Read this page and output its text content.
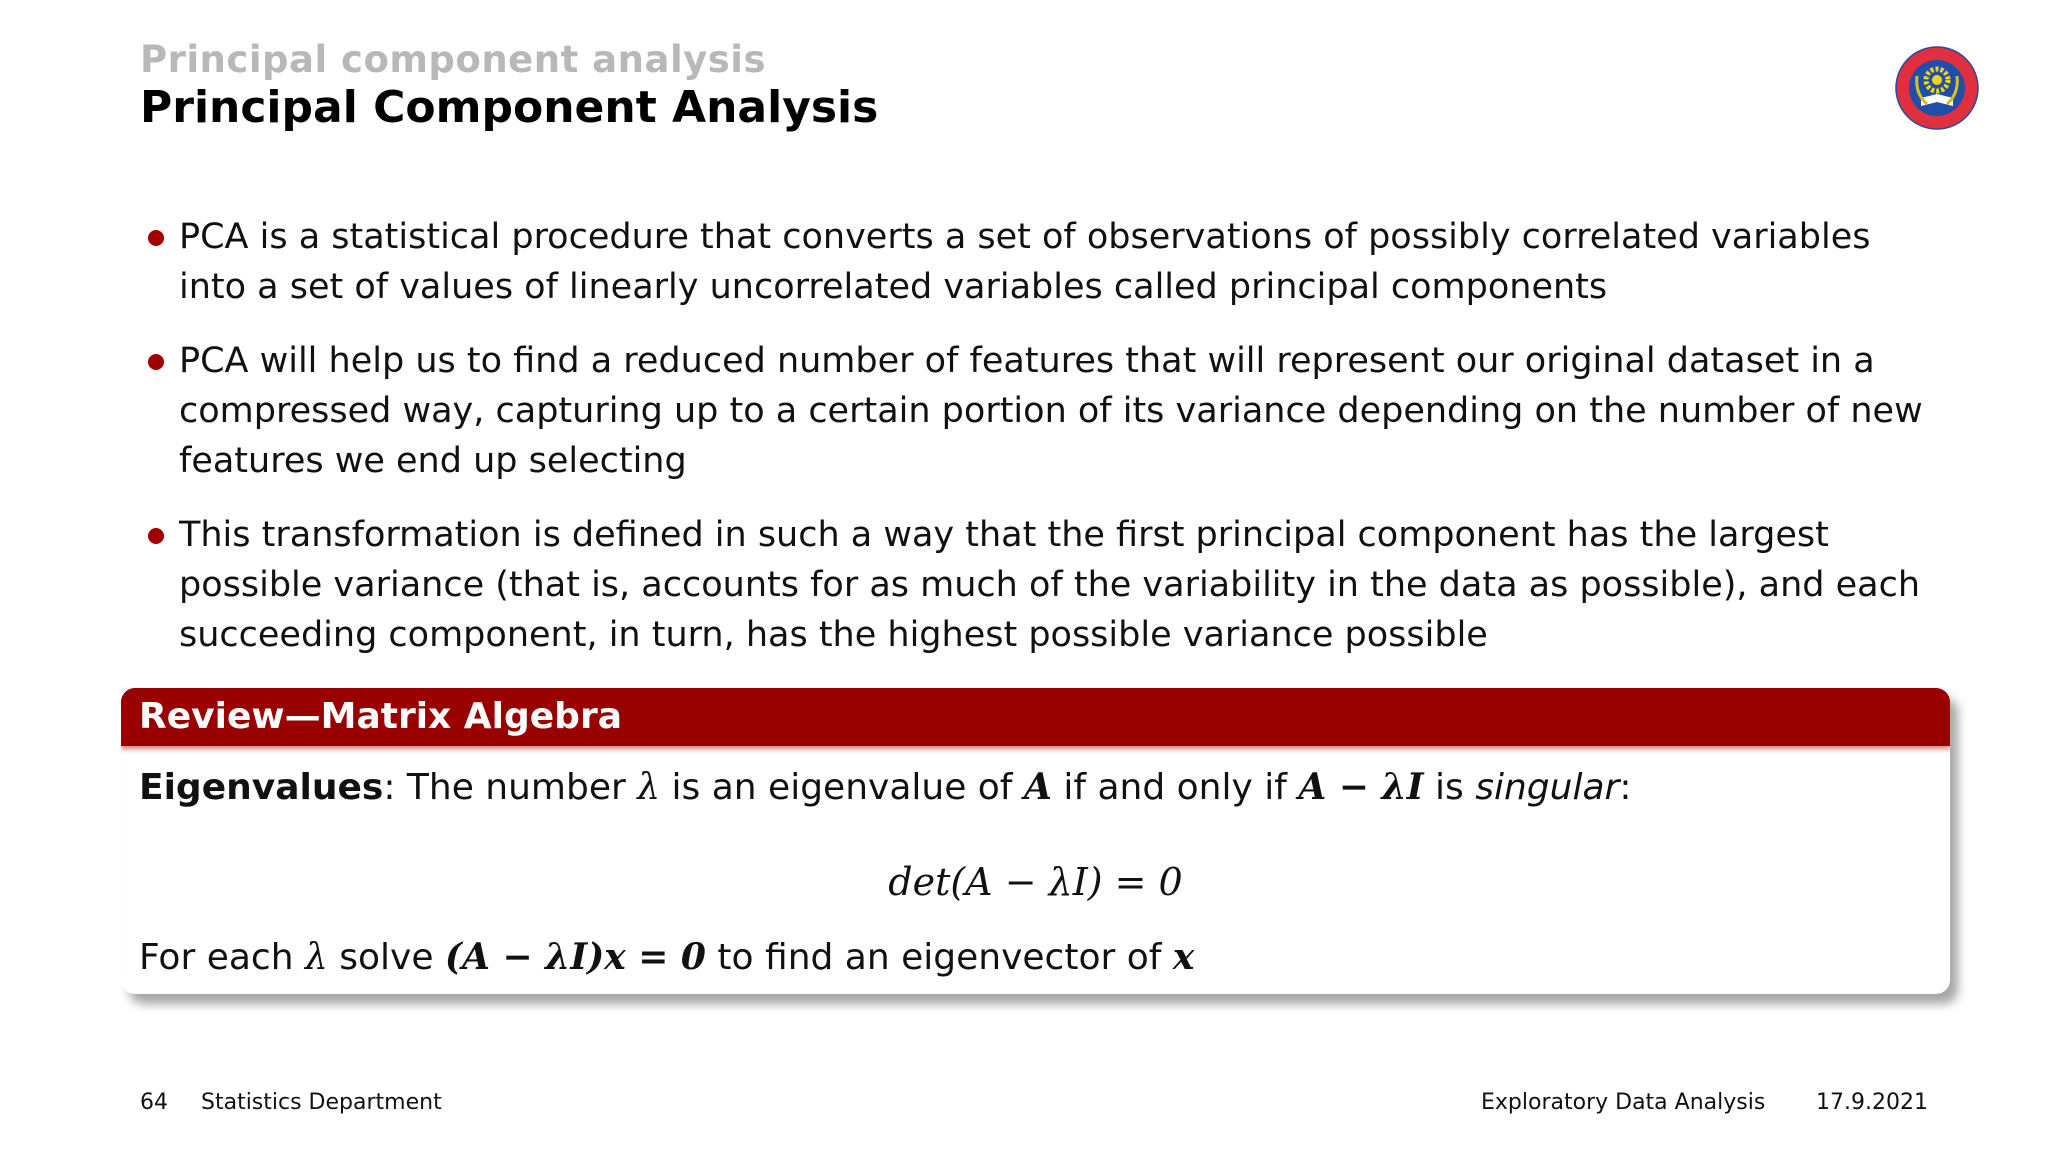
Principal component analysis
Principal Component Analysis
PCA is a statistical procedure that converts a set of observations of possibly correlated variables into a set of values of linearly uncorrelated variables called principal components
PCA will help us to find a reduced number of features that will represent our original dataset in a compressed way, capturing up to a certain portion of its variance depending on the number of new features we end up selecting
This transformation is defined in such a way that the first principal component has the largest possible variance (that is, accounts for as much of the variability in the data as possible), and each succeeding component, in turn, has the highest possible variance possible
Review—Matrix Algebra
Eigenvalues: The number λ is an eigenvalue of A if and only if A − λI is singular:
det(A − λI) = 0
For each λ solve (A − λI)x = 0 to find an eigenvector of x
64 Statistics Department	Exploratory Data Analysis 17.9.2021
